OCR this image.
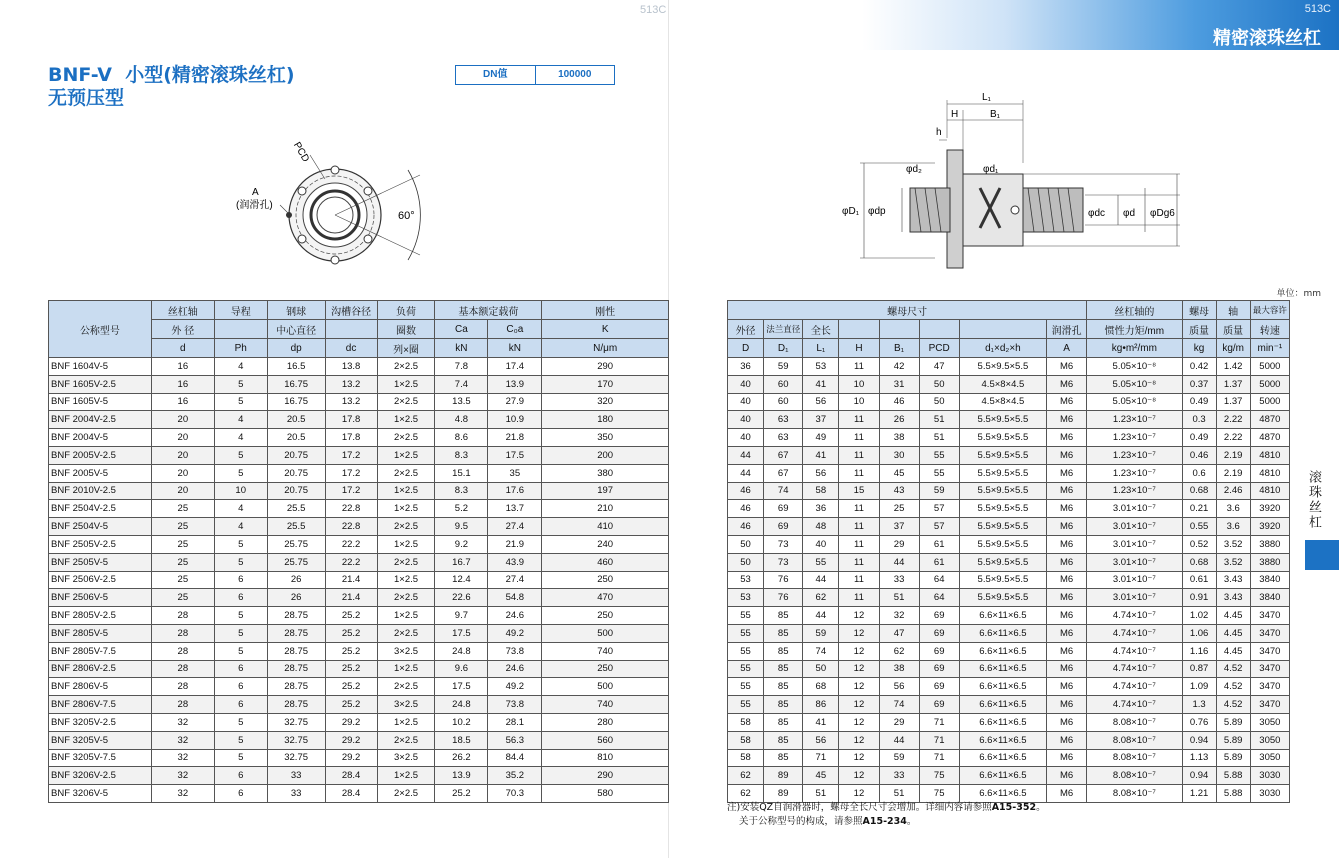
513C	513C
精密滚珠丝杠
BNF-V  小型(精密滚珠丝杠)
无预压型
DN值	100000
PCD
A
(润滑孔)
60°
L₁
H	B₁
h
φD₁ φdp
φd₂	φd₁
φdc φd φDg6
单位：mm
公称型号	丝杠轴	导程	钢球	沟槽谷径	负荷	基本额定载荷		刚性
	外 径		中心直径		圈数	Ca	C₀a	K
	d	Ph	dp	dc	列×圈	kN	kN	N/μm
BNF 1604V-5	16	4	16.5	13.8	2×2.5	7.8	17.4	290
BNF 1605V-2.5	16	5	16.75	13.2	1×2.5	7.4	13.9	170
BNF 1605V-5	16	5	16.75	13.2	2×2.5	13.5	27.9	320
BNF 2004V-2.5	20	4	20.5	17.8	1×2.5	4.8	10.9	180
BNF 2004V-5	20	4	20.5	17.8	2×2.5	8.6	21.8	350
BNF 2005V-2.5	20	5	20.75	17.2	1×2.5	8.3	17.5	200
BNF 2005V-5	20	5	20.75	17.2	2×2.5	15.1	35	380
BNF 2010V-2.5	20	10	20.75	17.2	1×2.5	8.3	17.6	197
BNF 2504V-2.5	25	4	25.5	22.8	1×2.5	5.2	13.7	210
BNF 2504V-5	25	4	25.5	22.8	2×2.5	9.5	27.4	410
BNF 2505V-2.5	25	5	25.75	22.2	1×2.5	9.2	21.9	240
BNF 2505V-5	25	5	25.75	22.2	2×2.5	16.7	43.9	460
BNF 2506V-2.5	25	6	26	21.4	1×2.5	12.4	27.4	250
BNF 2506V-5	25	6	26	21.4	2×2.5	22.6	54.8	470
BNF 2805V-2.5	28	5	28.75	25.2	1×2.5	9.7	24.6	250
BNF 2805V-5	28	5	28.75	25.2	2×2.5	17.5	49.2	500
BNF 2805V-7.5	28	5	28.75	25.2	3×2.5	24.8	73.8	740
BNF 2806V-2.5	28	6	28.75	25.2	1×2.5	9.6	24.6	250
BNF 2806V-5	28	6	28.75	25.2	2×2.5	17.5	49.2	500
BNF 2806V-7.5	28	6	28.75	25.2	3×2.5	24.8	73.8	740
BNF 3205V-2.5	32	5	32.75	29.2	1×2.5	10.2	28.1	280
BNF 3205V-5	32	5	32.75	29.2	2×2.5	18.5	56.3	560
BNF 3205V-7.5	32	5	32.75	29.2	3×2.5	26.2	84.4	810
BNF 3206V-2.5	32	6	33	28.4	1×2.5	13.9	35.2	290
BNF 3206V-5	32	6	33	28.4	2×2.5	25.2	70.3	580
螺母尺寸								丝杠轴的	螺母	轴	最大容许
外径	法兰直径	全长					润滑孔	惯性力矩/mm	质量	质量	转速
D	D₁	L₁	H	B₁	PCD	d₁×d₂×h	A	kg•m²/mm	kg	kg/m	min⁻¹
36	59	53	11	42	47	5.5×9.5×5.5	M6	5.05×10⁻⁸	0.42	1.42	5000
40	60	41	10	31	50	4.5×8×4.5	M6	5.05×10⁻⁸	0.37	1.37	5000
40	60	56	10	46	50	4.5×8×4.5	M6	5.05×10⁻⁸	0.49	1.37	5000
40	63	37	11	26	51	5.5×9.5×5.5	M6	1.23×10⁻⁷	0.3	2.22	4870
40	63	49	11	38	51	5.5×9.5×5.5	M6	1.23×10⁻⁷	0.49	2.22	4870
44	67	41	11	30	55	5.5×9.5×5.5	M6	1.23×10⁻⁷	0.46	2.19	4810
44	67	56	11	45	55	5.5×9.5×5.5	M6	1.23×10⁻⁷	0.6	2.19	4810
46	74	58	15	43	59	5.5×9.5×5.5	M6	1.23×10⁻⁷	0.68	2.46	4810
46	69	36	11	25	57	5.5×9.5×5.5	M6	3.01×10⁻⁷	0.21	3.6	3920
46	69	48	11	37	57	5.5×9.5×5.5	M6	3.01×10⁻⁷	0.55	3.6	3920
50	73	40	11	29	61	5.5×9.5×5.5	M6	3.01×10⁻⁷	0.52	3.52	3880
50	73	55	11	44	61	5.5×9.5×5.5	M6	3.01×10⁻⁷	0.68	3.52	3880
53	76	44	11	33	64	5.5×9.5×5.5	M6	3.01×10⁻⁷	0.61	3.43	3840
53	76	62	11	51	64	5.5×9.5×5.5	M6	3.01×10⁻⁷	0.91	3.43	3840
55	85	44	12	32	69	6.6×11×6.5	M6	4.74×10⁻⁷	1.02	4.45	3470
55	85	59	12	47	69	6.6×11×6.5	M6	4.74×10⁻⁷	1.06	4.45	3470
55	85	74	12	62	69	6.6×11×6.5	M6	4.74×10⁻⁷	1.16	4.45	3470
55	85	50	12	38	69	6.6×11×6.5	M6	4.74×10⁻⁷	0.87	4.52	3470
55	85	68	12	56	69	6.6×11×6.5	M6	4.74×10⁻⁷	1.09	4.52	3470
55	85	86	12	74	69	6.6×11×6.5	M6	4.74×10⁻⁷	1.3	4.52	3470
58	85	41	12	29	71	6.6×11×6.5	M6	8.08×10⁻⁷	0.76	5.89	3050
58	85	56	12	44	71	6.6×11×6.5	M6	8.08×10⁻⁷	0.94	5.89	3050
58	85	71	12	59	71	6.6×11×6.5	M6	8.08×10⁻⁷	1.13	5.89	3050
62	89	45	12	33	75	6.6×11×6.5	M6	8.08×10⁻⁷	0.94	5.88	3030
62	89	51	12	51	75	6.6×11×6.5	M6	8.08×10⁻⁷	1.21	5.88	3030
滚珠丝杠
注)安装QZ自润滑器时，螺母全长尺寸会增加。详细内容请参照A15-352。
关于公称型号的构成，请参照A15-234。
